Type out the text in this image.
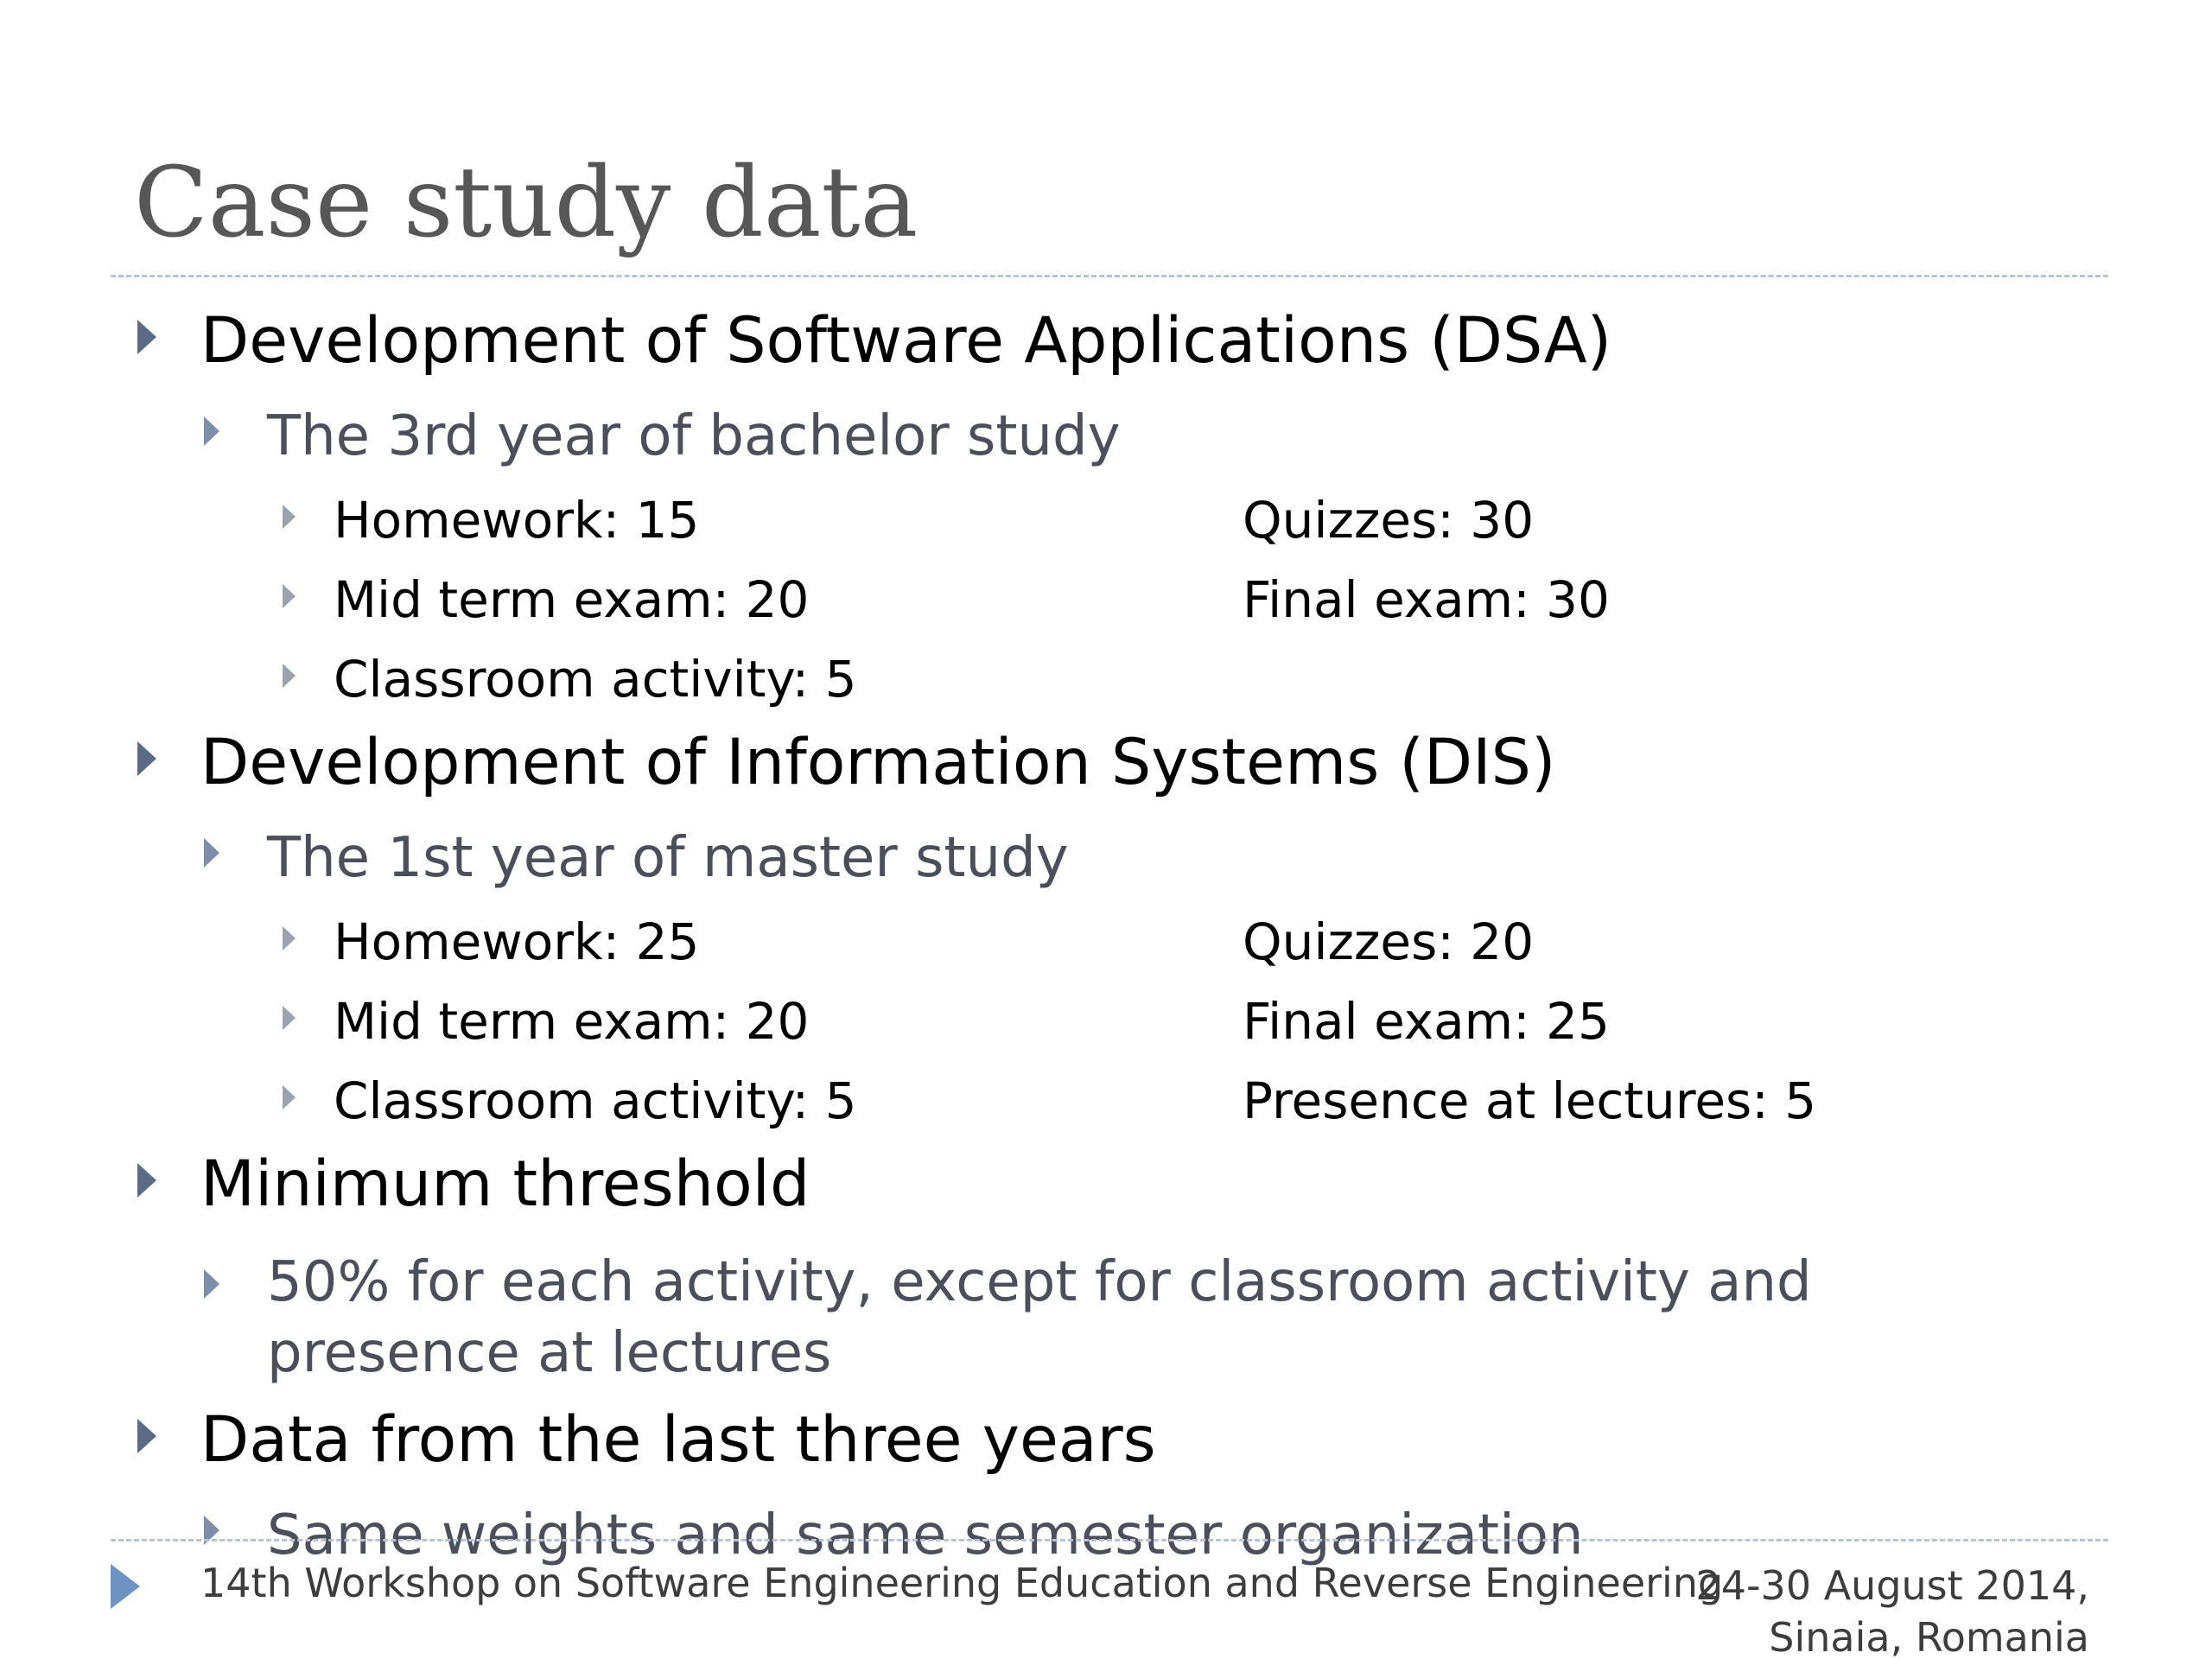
Case study data
Development of Software Applications (DSA)
The 3rd year of bachelor study
Homework: 15	Quizzes: 30
Mid term exam: 20	Final exam: 30
Classroom activity: 5
Development of Information Systems (DIS)
The 1st year of master study
Homework: 25	Quizzes: 20
Mid term exam: 20	Final exam: 25
Classroom activity: 5	Presence at lectures: 5
Minimum threshold
50% for each activity, except for classroom activity and presence at lectures
Data from the last three years
Same weights and same semester organization
14th Workshop on Software Engineering Education and Reverse Engineering
24-30 August 2014, Sinaia, Romania
